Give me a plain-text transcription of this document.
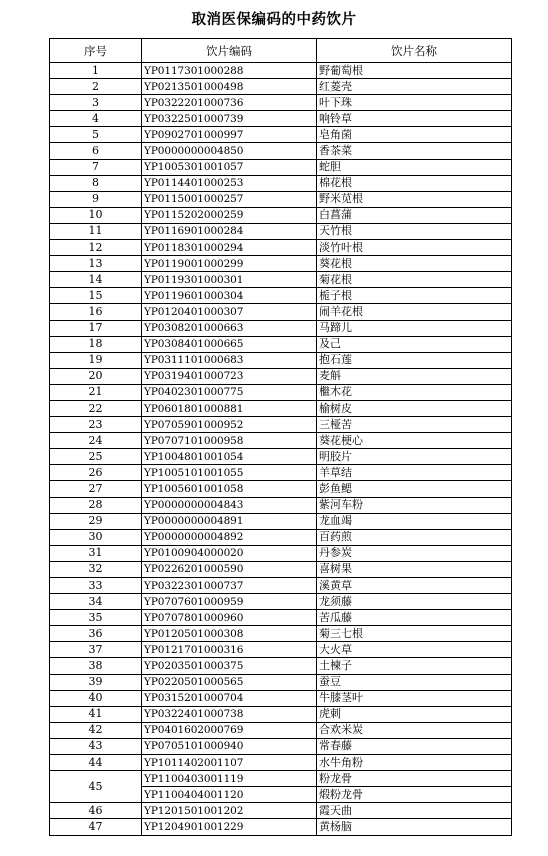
取消医保编码的中药饮片
序号	饮片编码	饮片名称
1	YP0117301000288	野葡萄根
2	YP0213501000498	红菱壳
3	YP0322201000736	叶下珠
4	YP0322501000739	响铃草
5	YP0902701000997	皂角菌
6	YP0000000004850	香茶菜
7	YP1005301001057	蛇胆
8	YP0114401000253	棉花根
9	YP0115001000257	野米苋根
10	YP0115202000259	白菖蒲
11	YP0116901000284	天竹根
12	YP0118301000294	淡竹叶根
13	YP0119001000299	葵花根
14	YP0119301000301	菊花根
15	YP0119601000304	栀子根
16	YP0120401000307	闹羊花根
17	YP0308201000663	马蹄儿
18	YP0308401000665	及己
19	YP0311101000683	抱石莲
20	YP0319401000723	麦斛
21	YP0402301000775	檵木花
22	YP0601801000881	榆树皮
23	YP0705901000952	三桠苦
24	YP0707101000958	葵花梗心
25	YP1004801001054	明胶片
26	YP1005101001055	羊草结
27	YP1005601001058	彭鱼鳃
28	YP0000000004843	紫河车粉
29	YP0000000004891	龙血竭
30	YP0000000004892	百药煎
31	YP0100904000020	丹参炭
32	YP0226201000590	喜树果
33	YP0322301000737	溪黄草
34	YP0707601000959	龙须藤
35	YP0707801000960	苦瓜藤
36	YP0120501000308	菊三七根
37	YP0121701000316	大火草
38	YP0203501000375	土楝子
39	YP0220501000565	蚕豆
40	YP0315201000704	牛膝茎叶
41	YP0322401000738	虎刺
42	YP0401602000769	合欢米炭
43	YP0705101000940	常春藤
44	YP1011402001107	水牛角粉
45	YP1100403001119	粉龙骨
	YP1100404001120	煅粉龙骨
46	YP1201501001202	霞天曲
47	YP1204901001229	黄杨脑
